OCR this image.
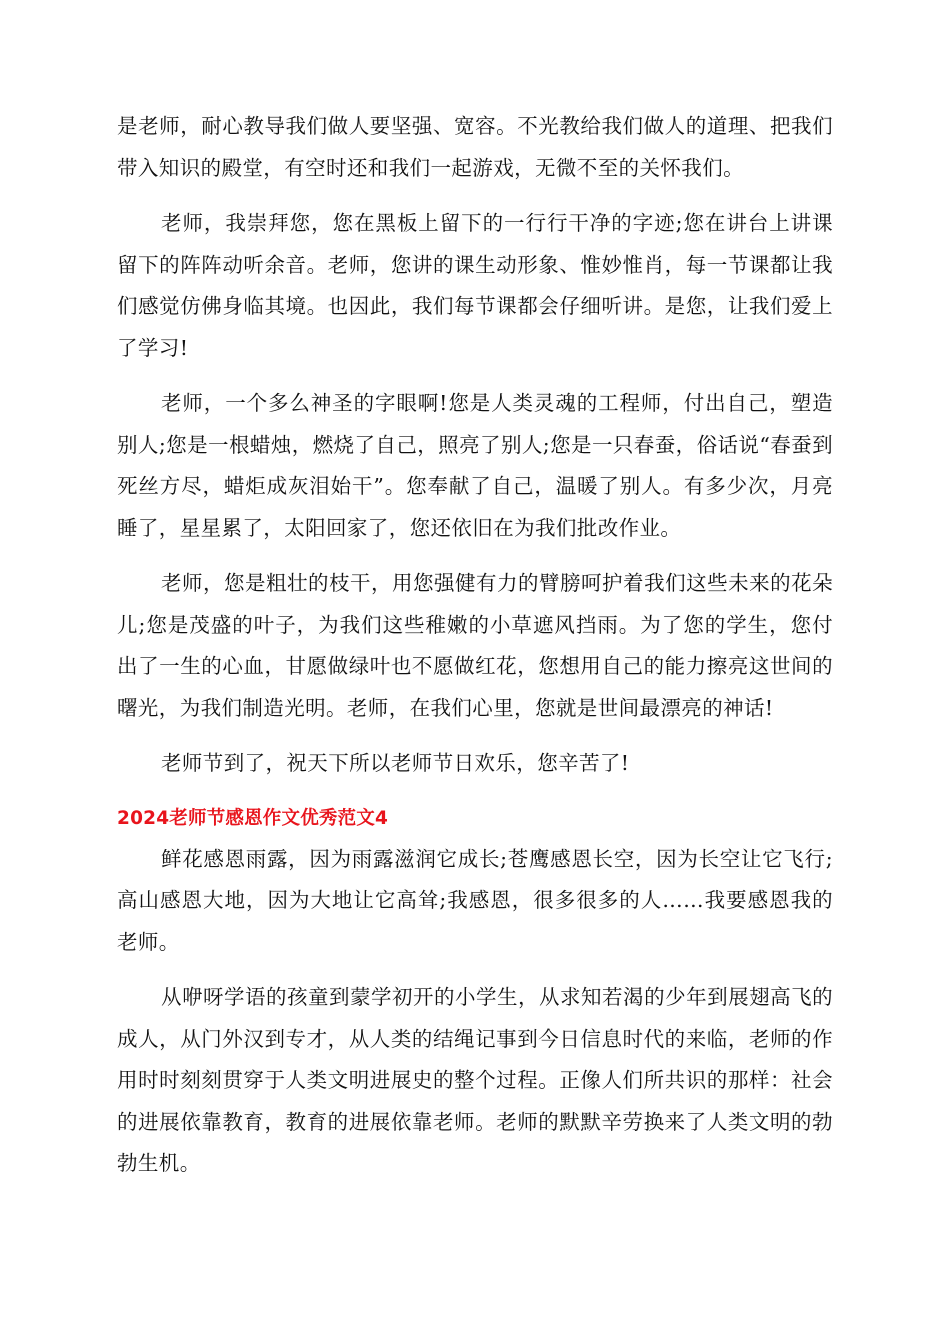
是老师，耐心教导我们做人要坚强、宽容。不光教给我们做人的道理、把我们带入知识的殿堂，有空时还和我们一起游戏，无微不至的关怀我们。

老师，我崇拜您，您在黑板上留下的一行行干净的字迹;您在讲台上讲课留下的阵阵动听余音。老师，您讲的课生动形象、惟妙惟肖，每一节课都让我们感觉仿佛身临其境。也因此，我们每节课都会仔细听讲。是您，让我们爱上了学习!

老师，一个多么神圣的字眼啊!您是人类灵魂的工程师，付出自己，塑造别人;您是一根蜡烛，燃烧了自己，照亮了别人;您是一只春蚕，俗话说“春蚕到死丝方尽，蜡炬成灰泪始干”。您奉献了自己，温暖了别人。有多少次，月亮睡了，星星累了，太阳回家了，您还依旧在为我们批改作业。

老师，您是粗壮的枝干，用您强健有力的臂膀呵护着我们这些未来的花朵儿;您是茂盛的叶子，为我们这些稚嫩的小草遮风挡雨。为了您的学生，您付出了一生的心血，甘愿做绿叶也不愿做红花，您想用自己的能力擦亮这世间的曙光，为我们制造光明。老师，在我们心里，您就是世间最漂亮的神话!

老师节到了，祝天下所以老师节日欢乐，您辛苦了!

2024老师节感恩作文优秀范文4

鲜花感恩雨露，因为雨露滋润它成长;苍鹰感恩长空，因为长空让它飞行;高山感恩大地，因为大地让它高耸;我感恩，很多很多的人……我要感恩我的老师。

从咿呀学语的孩童到蒙学初开的小学生，从求知若渴的少年到展翅高飞的成人，从门外汉到专才，从人类的结绳记事到今日信息时代的来临，老师的作用时时刻刻贯穿于人类文明进展史的整个过程。正像人们所共识的那样：社会的进展依靠教育，教育的进展依靠老师。老师的默默辛劳换来了人类文明的勃勃生机。
